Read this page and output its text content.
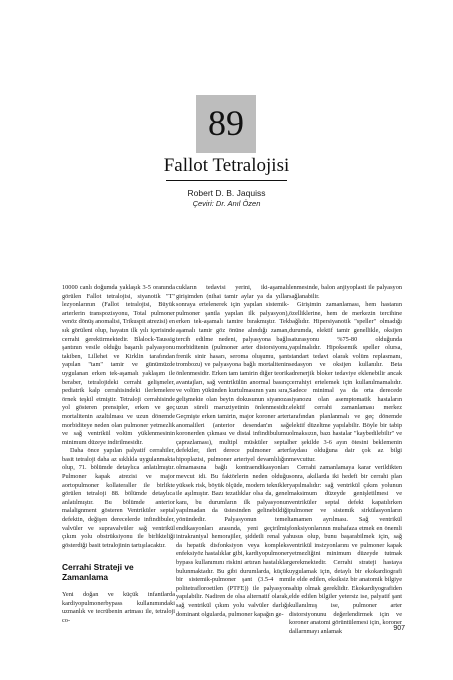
89
Fallot Tetralojisi
Robert D. B. Jaquiss
Çeviri: Dr. Anıl Özen

10000 canlı doğumda yaklaşık 3-5 oranında görülen Fallot tetralojisi, siyanotik "T" lezyonlarının (Fallot tetralojisi, Büyük arterlerin transpozisyonu, Total pulmoner venöz dönüş anomalisi, Trikuspit atrezisi) en sık görüleni olup, hayatın ilk yılı içerisinde cerrahi gerektirmektedir. Blalock-Taussig şantının vesile olduğu başarılı palyasyonu takiben, Lillehei ve Kirklin tarafından yapılan "tam" tamir ve günümüzde uygulanan erken tek-aşamalı yaklaşım ile beraber, tetralojideki cerrahi gelişmeler, pediatrik kalp cerrahisindeki ilerlemelere örnek teşkil etmiştir. Tetraloji cerrahisinde yol gösteren prensipler, erken ve geç mortalitenin azaltılması ve uzun dönemde morbiditeye neden olan pulmoner yetmezlik ve sağ ventrikül volüm yüklenmesinin minimum düzeye indirilmesidir.

Daha önce yapılan palyatif cerrahiler, basit tetraloji daha az sıklıkla uygulanmakta olup, 71. bölümde detaylıca anlatılmıştır. Pulmoner kapak atrezisi ve major aortopulmoner kollateraller ile birlikte görülen tetraloji 88. bölümde detaylıca anlatılmıştır. Bu bölümde anterior malalignment gösteren Ventriküler septal defektin, değişen derecelerde infindibuler, valvüler ve supravalvüler sağ ventrikül çıkım yolu obstrüksiyonu ile birlikteliği gösterdiği basit tetralojinin tartışılacaktır.

Cerrahi Strateji ve Zamanlama

Yeni doğan ve küçük infantlarda kardiyopulmonerbypass kullanımındaki uzmanlık ve tecrübenin artması ile, tetraloji co-

cukların tedavisi yerini, iki-aşamalı girişimden (nihai tamir aylar ya da yıllar sonraya ertelenerek için yapılan sistemik-pulmoner şantla yapılan ilk palyasyon), erken tek-aşamalı tamire bırakmıştır. Tek aşamalı tamir göz önüne alındığı zaman, tercih edilme nedeni, palyasyona bağlı morbiditenin (pulmoner arter distorsiyonu, frenik sinir hasarı, seroma oluşumu, şant trombozu) ve palyasyona bağlı mortalitenin önlenmesidir. Erken tam tamirin diğer teorik avantajları, sağ ventrikülün anormal basınç ve volüm yükünden kurtulmasının yanı sıra, gelişmekte olan beyin dokusunun siyanoza uzun süreli maruziyetinin önlenmesidir. Geçmişte erken tamirin, major koroner arter anomalileri (anterior desendan'ın sağ koronerden çıkması ve distal infindibulumu çaprazlaması), multipl müsküler septal defektler, ileri derece pulmoner arter hipoplazisi, pulmoner arteriyel devamlılığın olmamasına bağlı kontraendikasyonları mevcut idi. Bu faktörlerin neden olduğu yüksek risk, böyük ölçüde, modern teknikler ile aşılmıştır. Bazı tezatlıklar olsa da, genel kanı, bu durumların ilk palyasyonun yapılmadan da üstesinden gelinebildiği yönündedir. Palyasyonun temel endikasyonları arasında, yeni geçirilmiş intrakraniyal hemorajiler, şiddetli renal ya da hepatik disfonksiyon veya kompleks enfeksiyöz hastalıklar gibi, kardiyopulmoner bypass kullanımını riskini artıran hastalıklar bulunmaktadır. Bu gibi durumlarda, küçük bir sistemik-pulmoner şant (3.5-4 mm politetrafloroetilen (PTFE)) ile palyasyon yapılabilir. Nadiren de olsa alternatif olarak, sağ ventrikül çıkım yolu valvüler darlığı dominant olgularda, pulmoner kapağın ge-

lenmesinde, balon anjiyoplasti ile palyasyon sağlanabilir.

Girişimin zamanlaması, hem hastanın özelliklerine, hem de merkezin tercihine bağlıdır. Hipersiyanotik "speller" olmadığı durumda, elektif tamir genellikle, oksijen saturasyonu %75-80 olduğunda yapılmalıdır. Hipoksemik speller olursa, standart tedavi olarak volüm replasmanı, sedasyon ve oksijen kullanılır. Beta adrenerjik bloker tedaviye eklenebilir ancak cerrahiyi ertelemek için kullanılmamalıdır. Sadece minimal ya da orta derecede siyanozu olan asemptomatik hastaların elektif cerrahi zamanlaması merkez tarafından planlanmalı ve geç dönemde elektif düzeltme yapılabilir. Böyle bir tabip olmaksızın, bazı hastalar "kaybedilebilir" ve her şekilde 3-6 ayın ötesini beklemenin faydası olduğuna dair çok az bilgi mevcuttur.

Cerrahi zamanlamaya karar verildikten sonra, akıllarda iki hedefi bir cerrahi plan yapılmalıdır: sağ ventrikül çıkım yolunun maksimum düzeyde genişletilmesi ve ventriküler septal defekt kapatılırken pulmoner ve sistemik sirkülasyonların tamamen ayrılması. Sağ ventrikül fonksiyonlarının muhafaza etmek en önemli husus olup, bunu başarabilmek için, sağ ventrikül insizyonlarını ve pulmoner kapak yetmezliğini minimum düzeyde tutmak gerekmektedir. Cerrahi strateji hastaya uygulamak için, detaylı bir ekokardiografi ile elde edilen, eksiksiz bir anatomik bilgiye sahip olmak gereklidir. Ekokardiyografiden elde edilen bilgiler yetersiz ise, palyatif şant kullanılmış ise, pulmoner arter distorsiyonunu değerlendirmek için ve koroner anatomi görüntülemesi için, koroner dallarnmayı anlamak	907
